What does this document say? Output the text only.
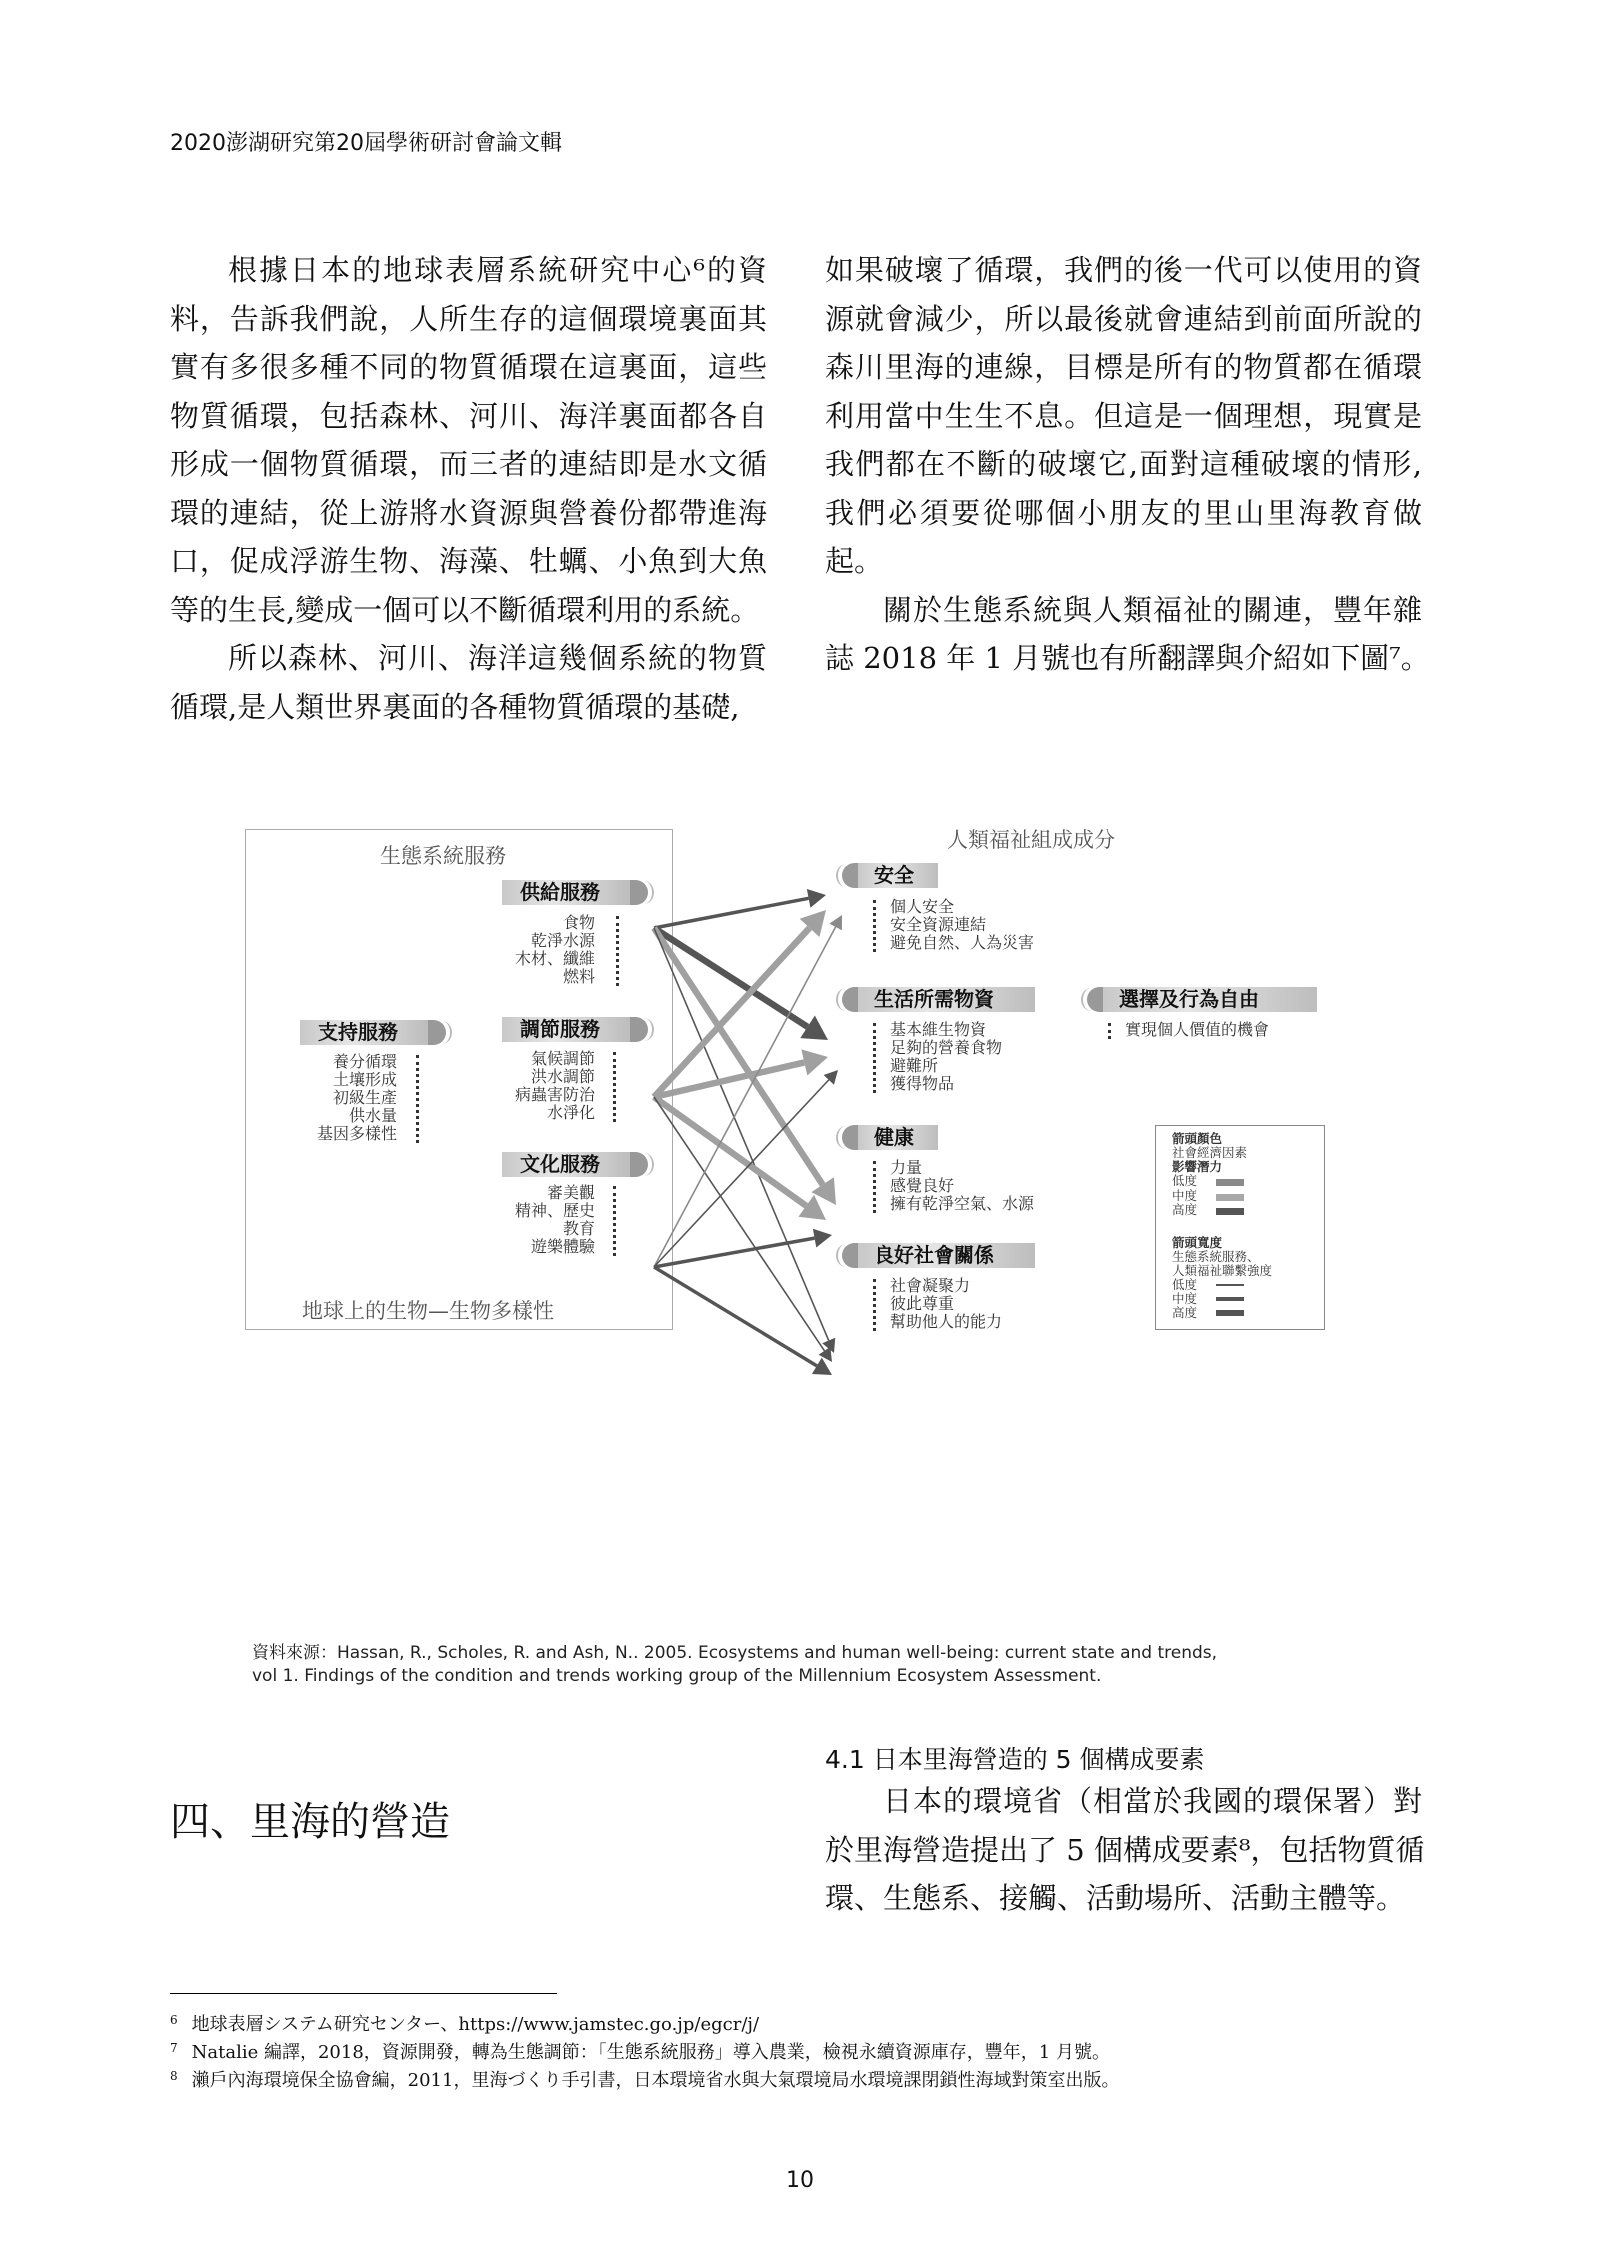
2020澎湖研究第20屆學術研討會論文輯
根據日本的地球表層系統研究中心⁶的資
料，告訴我們說，人所生存的這個環境裏面其
實有多很多種不同的物質循環在這裏面，這些
物質循環，包括森林、河川、海洋裏面都各自
形成一個物質循環，而三者的連結即是水文循
環的連結，從上游將水資源與營養份都帶進海
口，促成浮游生物、海藻、牡蠣、小魚到大魚
等的生長,變成一個可以不斷循環利用的系統。
所以森林、河川、海洋這幾個系統的物質
循環,是人類世界裏面的各種物質循環的基礎,
如果破壞了循環，我們的後一代可以使用的資
源就會減少，所以最後就會連結到前面所說的
森川里海的連線，目標是所有的物質都在循環
利用當中生生不息。但這是一個理想，現實是
我們都在不斷的破壞它,面對這種破壞的情形,
我們必須要從哪個小朋友的里山里海教育做
起。
關於生態系統與人類福祉的關連，豐年雜
誌 2018 年 1 月號也有所翻譯與介紹如下圖⁷。
生態系統服務
人類福祉組成成分
地球上的生物—生物多樣性
供給服務
食物
乾淨水源
木材、纖維
燃料
支持服務
養分循環
土壤形成
初級生產
供水量
基因多樣性
調節服務
氣候調節
洪水調節
病蟲害防治
水淨化
文化服務
審美觀
精神、歷史
教育
遊樂體驗
安全
個人安全
安全資源連結
避免自然、人為災害
生活所需物資
基本維生物資
足夠的營養食物
避難所
獲得物品
選擇及行為自由
實現個人價值的機會
健康
力量
感覺良好
擁有乾淨空氣、水源
良好社會關係
社會凝聚力
彼此尊重
幫助他人的能力
箭頭顏色
社會經濟因素
影響潛力
低度
中度
高度
箭頭寬度
生態系統服務、
人類福祉聯繫強度
低度
中度
高度
資料來源：Hassan, R., Scholes, R. and Ash, N.. 2005. Ecosystems and human well-being: current state and trends,
vol 1. Findings of the condition and trends working group of the Millennium Ecosystem Assessment.
四、里海的營造
4.1 日本里海營造的 5 個構成要素
日本的環境省（相當於我國的環保署）對
於里海營造提出了 5 個構成要素⁸，包括物質循
環、生態系、接觸、活動場所、活動主體等。
$^6$ 地球表層システム研究センター、https://www.jamstec.go.jp/egcr/j/
$^7$ Natalie 編譯，2018，資源開發，轉為生態調節：「生態系統服務」導入農業，檢視永續資源庫存，豐年，1 月號。
$^8$ 瀨戶內海環境保全協會編，2011，里海づくり手引書，日本環境省水與大氣環境局水環境課閉鎖性海域對策室出版。
10
